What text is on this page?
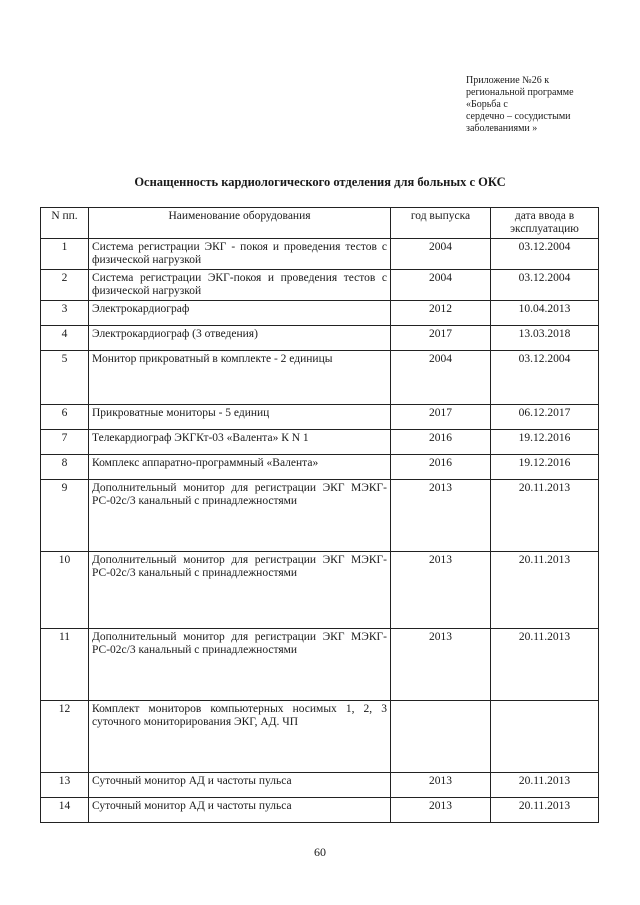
Приложение №26 к
региональной программе
«Борьба с
сердечно – сосудистыми
заболеваниями »
Оснащенность кардиологического отделения для больных с ОКС
N пп.	Наименование оборудования	год выпуска	дата ввода в эксплуатацию
1	Система регистрации ЭКГ - покоя и проведения тестов с физической нагрузкой	2004	03.12.2004
2	Система регистрации ЭКГ-покоя и проведения тестов с физической нагрузкой	2004	03.12.2004
3	Электрокардиограф	2012	10.04.2013
4	Электрокардиограф (3 отведения)	2017	13.03.2018
5	Монитор прикроватный в комплекте - 2 единицы	2004	03.12.2004
6	Прикроватные мониторы - 5 единиц	2017	06.12.2017
7	Телекардиограф ЭКГКт-03 «Валента» К N 1	2016	19.12.2016
8	Комплекс аппаратно-программный «Валента»	2016	19.12.2016
9	Дополнительный монитор для регистрации ЭКГ МЭКГ-РС-02с/3 канальный с принадлежностями	2013	20.11.2013
10	Дополнительный монитор для регистрации ЭКГ МЭКГ-РС-02с/3 канальный с принадлежностями	2013	20.11.2013
11	Дополнительный монитор для регистрации ЭКГ МЭКГ-РС-02с/3 канальный с принадлежностями	2013	20.11.2013
12	Комплект мониторов компьютерных носимых 1, 2, 3 суточного мониторирования ЭКГ, АД. ЧП		
13	Суточный монитор АД и частоты пульса	2013	20.11.2013
14	Суточный монитор АД и частоты пульса	2013	20.11.2013
60
